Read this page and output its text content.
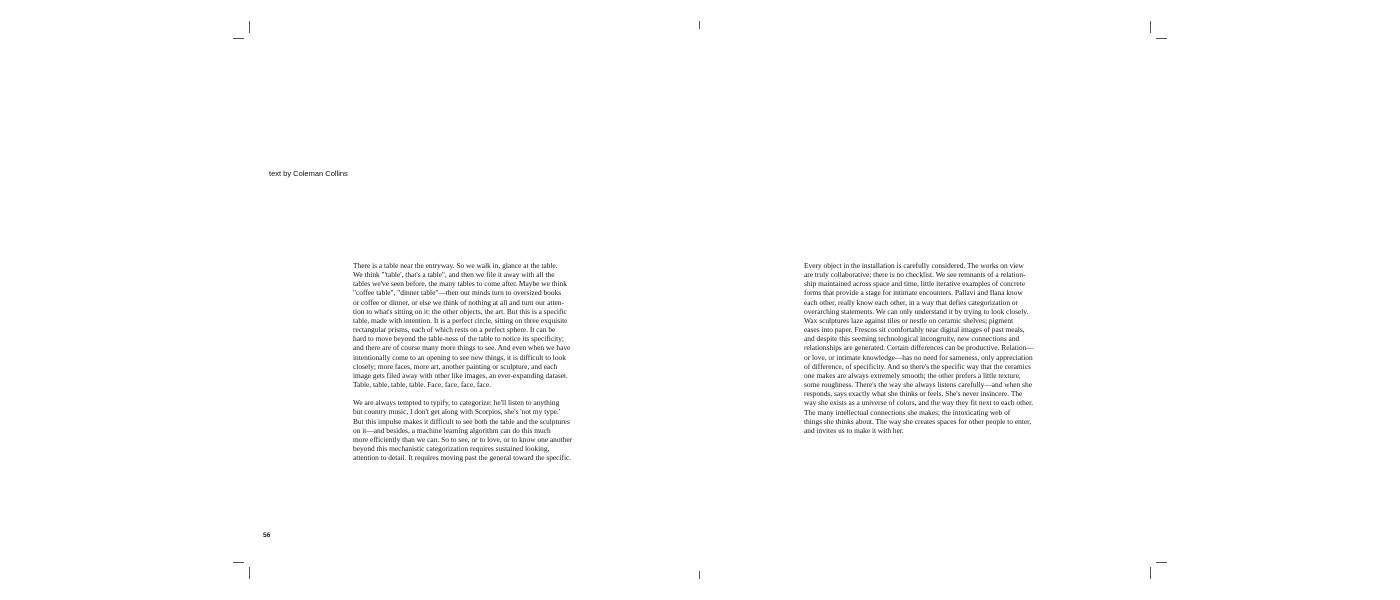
text by Coleman Collins

There is a table near the entryway. So we walk in, glance at the table.

We think "'table', that's a table", and then we file it away with all the

tables we've seen before, the many tables to come after. Maybe we think

"coffee table", "dinner table"—then our minds turn to oversized books

or coffee or dinner, or else we think of nothing at all and turn our atten-

tion to what's sitting on it: the other objects, the art. But this is a specific

table, made with intention. It is a perfect circle, sitting on three exquisite

rectangular prisms, each of which rests on a perfect sphere. It can be

hard to move beyond the table-ness of the table to notice its specificity;

and there are of course many more things to see. And even when we have

intentionally come to an opening to see new things, it is difficult to look

closely; more faces, more art, another painting or sculpture, and each

image gets filed away with other like images, an ever-expanding dataset.

Table, table, table, table. Face, face, face, face.

We are always tempted to typify, to categorize: he'll listen to anything

but country music, I don't get along with Scorpios, she's 'not my type.'

But this impulse makes it difficult to see both the table and the sculptures

on it—and besides, a machine learning algorithm can do this much

more efficiently than we can. So to see, or to love, or to know one another

beyond this mechanistic categorization requires sustained looking,

attention to detail. It requires moving past the general toward the specific.

Every object in the installation is carefully considered. The works on view

are truly collaborative; there is no checklist. We see remnants of a relation-

ship maintained across space and time, little iterative examples of concrete

forms that provide a stage for intimate encounters. Pallavi and Ilana know

each other, really know each other, in a way that defies categorization or

overarching statements. We can only understand it by trying to look closely.

Wax sculptures laze against tiles or nestle on ceramic shelves; pigment

eases into paper. Frescos sit comfortably near digital images of past meals,

and despite this seeming technological incongruity, new connections and

relationships are generated. Certain differences can be productive. Relation—

or love, or intimate knowledge—has no need for sameness, only appreciation

of difference, of specificity. And so there's the specific way that the ceramics

one makes are always extremely smooth; the other prefers a little texture,

some roughness. There's the way she always listens carefully—and when she

responds, says exactly what she thinks or feels. She's never insincere. The

way she exists as a universe of colors, and the way they fit next to each other.

The many intellectual connections she makes; the intoxicating web of

things she thinks about. The way she creates spaces for other people to enter,

and invites us to make it with her.

56
